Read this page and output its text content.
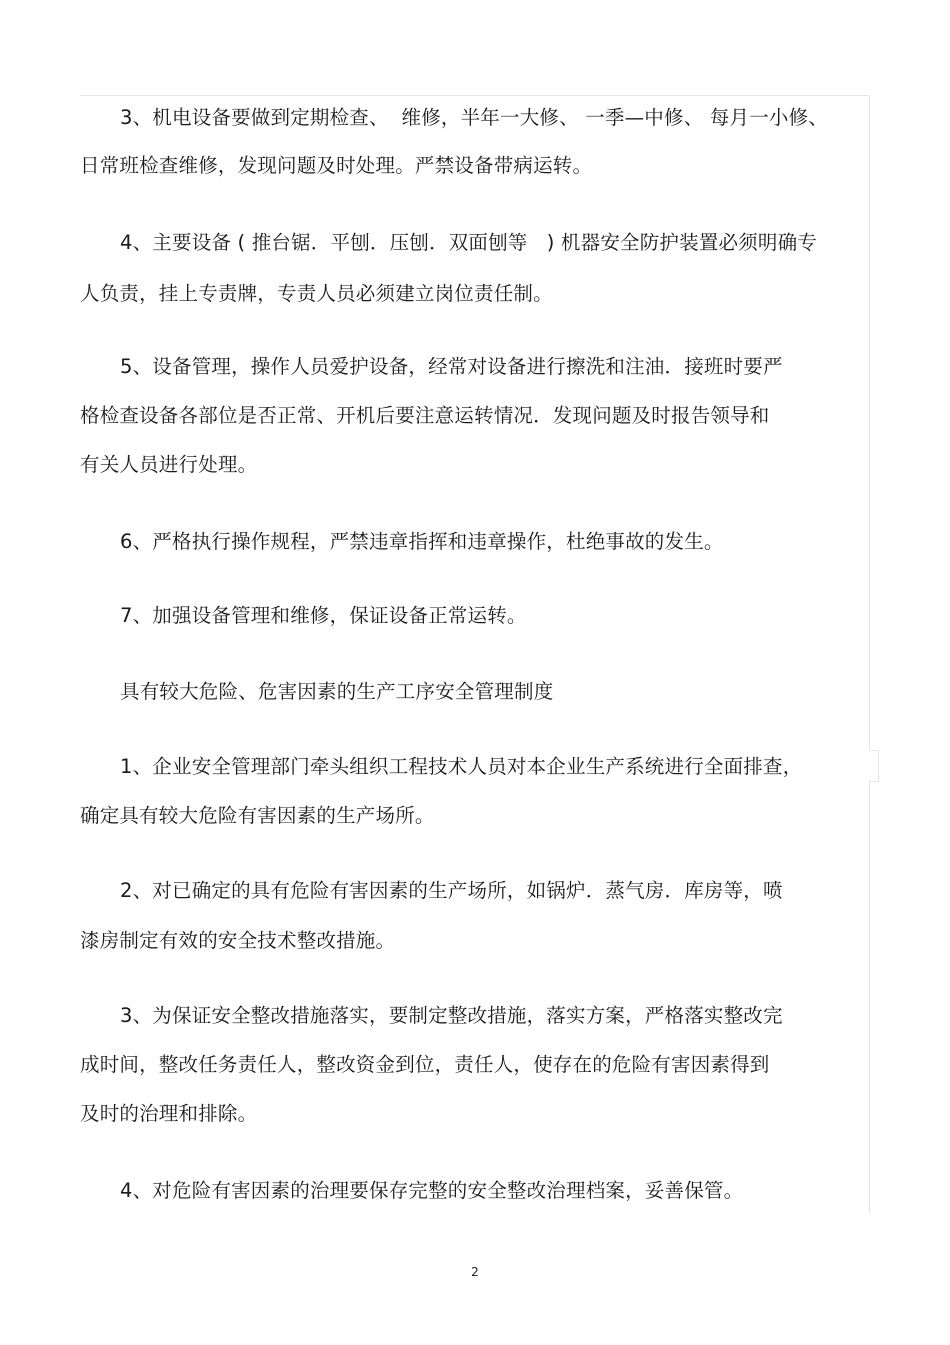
3、机电设备要做到定期检查、  维修，半年一大修、 一季—中修、 每月一小修、
日常班检查维修，发现问题及时处理。严禁设备带病运转。
4、主要设备 ( 推台锯．平刨．压刨．双面刨等   ) 机器安全防护装置必须明确专
人负责，挂上专责牌，专责人员必须建立岗位责任制。
5、设备管理，操作人员爱护设备，经常对设备进行擦洗和注油．接班时要严
格检查设备各部位是否正常、开机后要注意运转情况．发现问题及时报告领导和
有关人员进行处理。
6、严格执行操作规程，严禁违章指挥和违章操作，杜绝事故的发生。
7、加强设备管理和维修，保证设备正常运转。
具有较大危险、危害因素的生产工序安全管理制度
1、企业安全管理部门牵头组织工程技术人员对本企业生产系统进行全面排查，
确定具有较大危险有害因素的生产场所。
2、对已确定的具有危险有害因素的生产场所，如锅炉．蒸气房．库房等，喷
漆房制定有效的安全技术整改措施。
3、为保证安全整改措施落实，要制定整改措施，落实方案，严格落实整改完
成时间，整改任务责任人，整改资金到位，责任人，使存在的危险有害因素得到
及时的治理和排除。
4、对危险有害因素的治理要保存完整的安全整改治理档案，妥善保管。
2
